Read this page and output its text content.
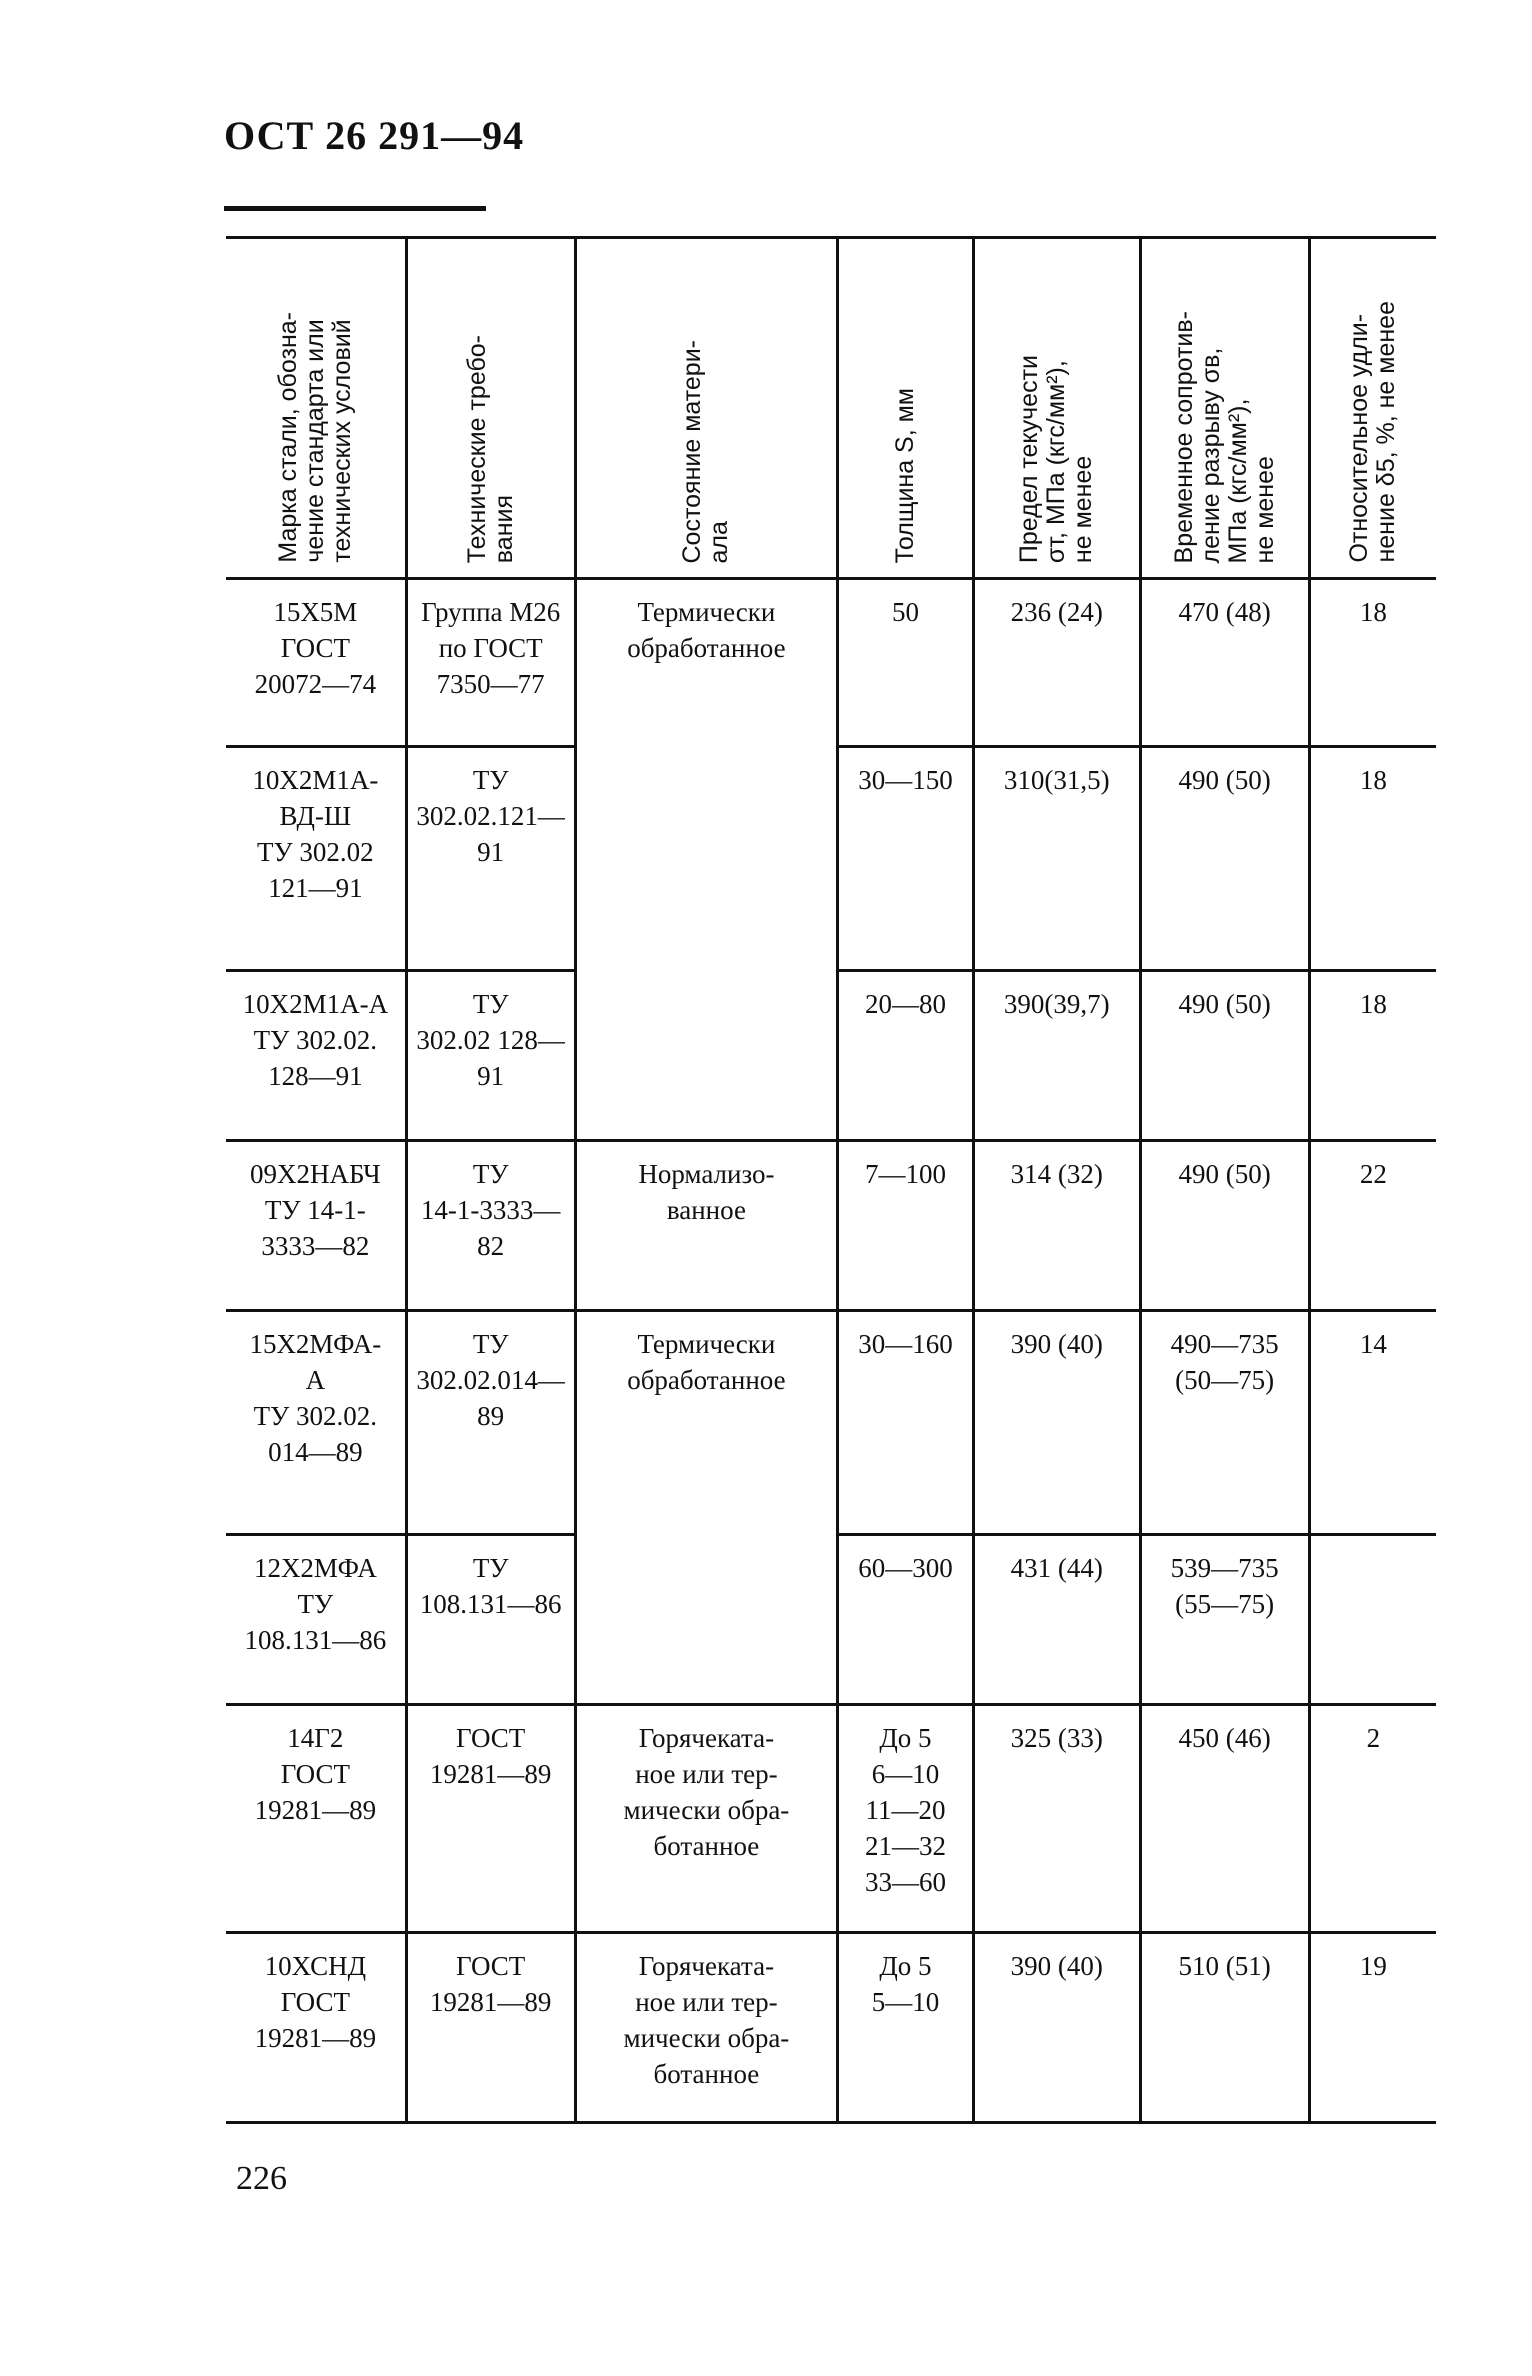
ОСТ 26 291—94
Марка стали, обозна-
чение стандарта или
технических условий	Технические требо-
вания	Состояние матери-
ала	Толщина S, мм	Предел текучести
σт, МПа (кгс/мм²),
не менее	Временное сопротив-
ление разрыву σв,
МПа (кгс/мм²),
не менее	Относительное удли-
нение δ5, %, не менее

15Х5М
ГОСТ
20072—74	Группа М26
по ГОСТ
7350—77	Термически
обработанное	50	236 (24)	470 (48)	18

10Х2М1А-
ВД-Ш
ТУ 302.02
121—91	ТУ
302.02.121—91		30—150	310(31,5)	490 (50)	18

10Х2М1А-А
ТУ 302.02.
128—91	ТУ
302.02 128—91		20—80	390(39,7)	490 (50)	18

09Х2НАБЧ
ТУ 14-1-
3333—82	ТУ
14-1-3333—82	Нормализо-
ванное	7—100	314 (32)	490 (50)	22

15Х2МФА-
А
ТУ 302.02.
014—89	ТУ
302.02.014—89	Термически
обработанное	30—160	390 (40)	490—735
(50—75)	14

12Х2МФА
ТУ
108.131—86	ТУ
108.131—86		60—300	431 (44)	539—735
(55—75)	

14Г2
ГОСТ
19281—89	ГОСТ
19281—89	Горячеката-
ное или тер-
мически обра-
ботанное	До 5
6—10
11—20
21—32
33—60	325 (33)	450 (46)	2

10ХСНД
ГОСТ
19281—89	ГОСТ
19281—89	Горячеката-
ное или тер-
мически обра-
ботанное	До 5
5—10	390 (40)	510 (51)	19
226
